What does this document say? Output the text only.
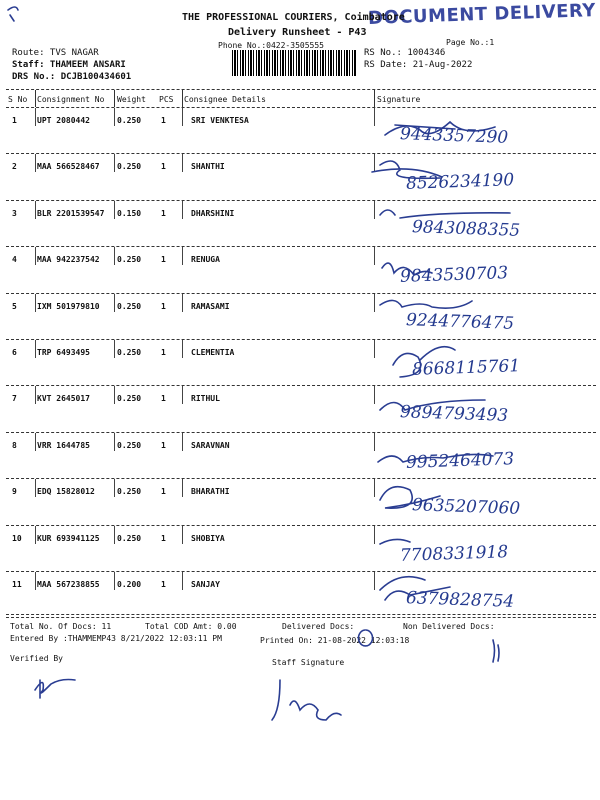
DOCUMENT DELIVERY
THE PROFESSIONAL COURIERS, Coimbatore
Delivery Runsheet - P43
Phone No.:0422-3505555	Page No.:1
Route: TVS NAGAR
Staff: THAMEEM ANSARI
DRS No.: DCJB100434601
RS No.: 1004346
RS Date: 21-Aug-2022
S No Consignment No Weight PCS Consignee Details	Signature
1	UPT 2080442	0.250 1	SRI VENKTESA
9443357290
2	MAA 566528467 0.250 1	SHANTHI
8526234190
3	BLR 2201539547 0.150 1	DHARSHINI
9843088355
4	MAA 942237542 0.250 1	RENUGA
9843530703
5	IXM 501979810 0.250 1	RAMASAMI
9244776475
6	TRP 6493495	0.250 1	CLEMENTIA
8668115761
7	KVT 2645017	0.250 1	RITHUL
9894793493
8	VRR 1644785	0.250 1	SARAVNAN
9952464073
9	EDQ 15828012	0.250 1	BHARATHI
9635207060
10 KUR 693941125 0.250 1	SHOBIYA
7708331918
11 MAA 567238855 0.200 1	SANJAY
6379828754
Total No. Of Docs: 11	Total COD Amt: 0.00	Delivered Docs:	Non Delivered Docs:
Entered By :THAMMEMP43 8/21/2022 12:03:11 PM	Printed On: 21-08-2022 12:03:18
Verified By	Staff Signature
